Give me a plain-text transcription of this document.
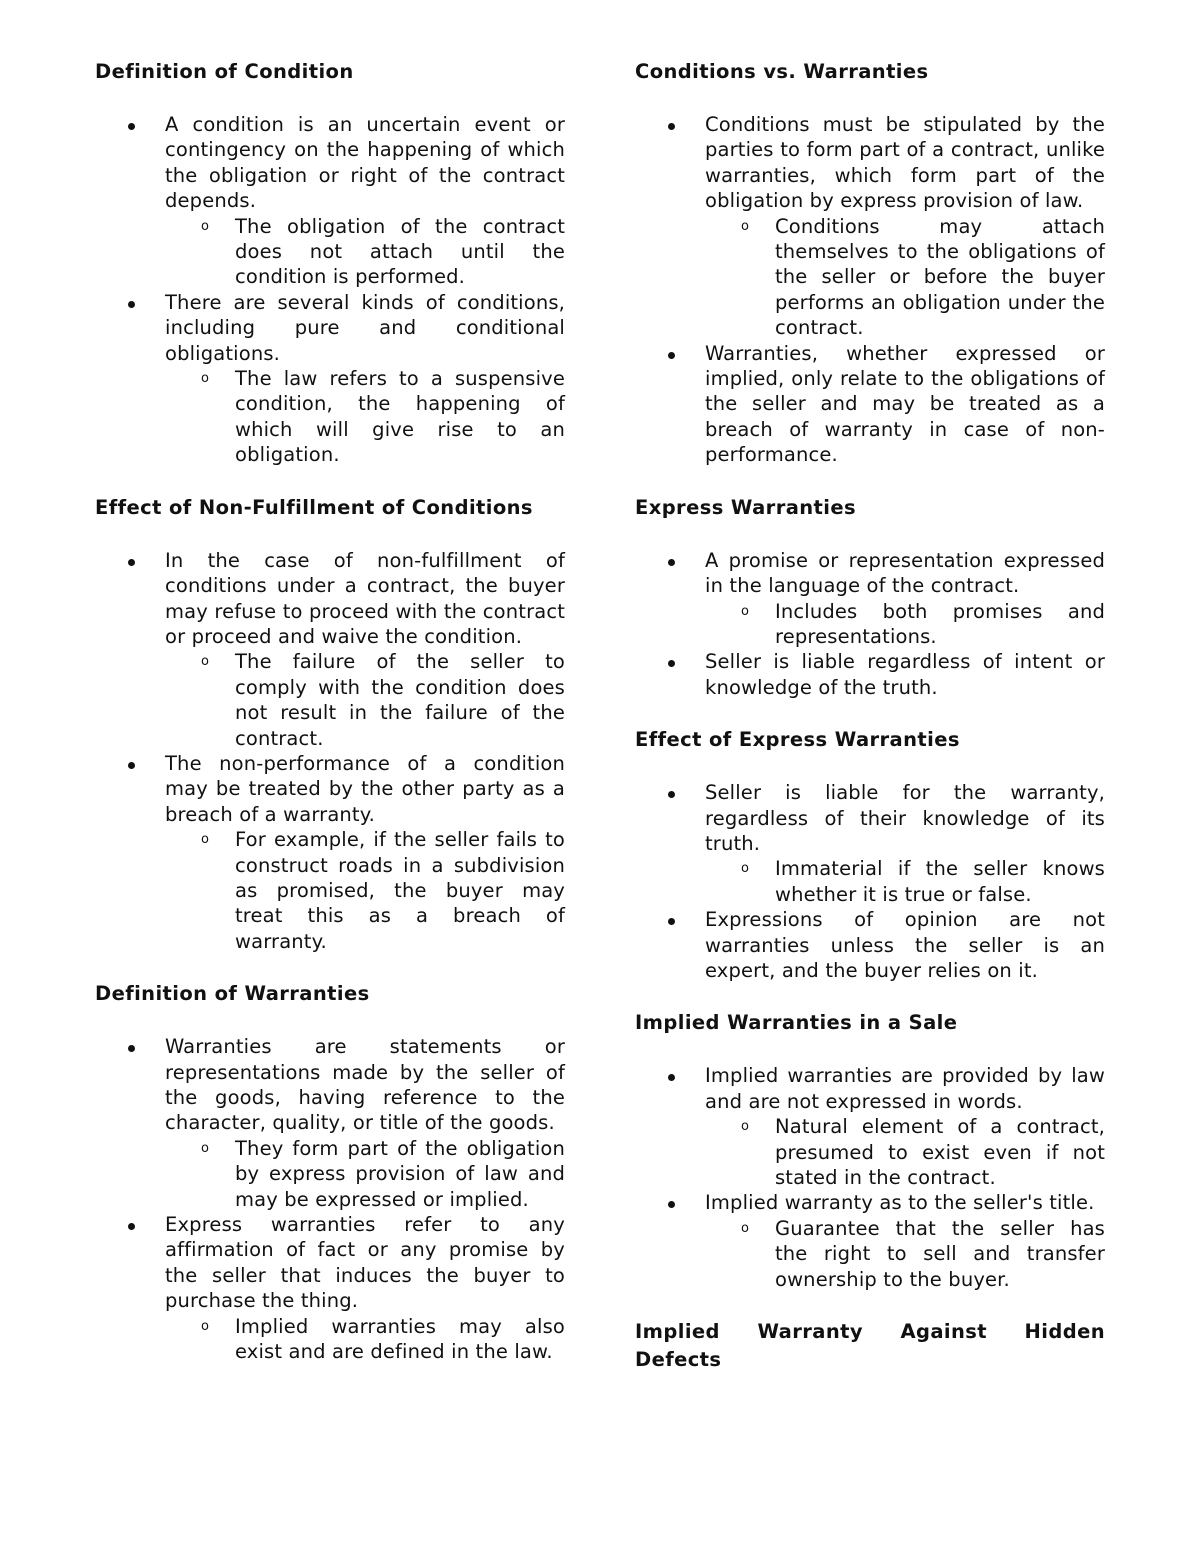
Definition of Condition
A condition is an uncertain event or contingency on the happening of which the obligation or right of the contract depends.
o The obligation of the contract does not attach until the condition is performed.
There are several kinds of conditions, including pure and conditional obligations.
o The law refers to a suspensive condition, the happening of which will give rise to an obligation.
Effect of Non-Fulfillment of Conditions
In the case of non-fulfillment of conditions under a contract, the buyer may refuse to proceed with the contract or proceed and waive the condition.
o The failure of the seller to comply with the condition does not result in the failure of the contract.
The non-performance of a condition may be treated by the other party as a breach of a warranty.
o For example, if the seller fails to construct roads in a subdivision as promised, the buyer may treat this as a breach of warranty.
Definition of Warranties
Warranties are statements or representations made by the seller of the goods, having reference to the character, quality, or title of the goods.
o They form part of the obligation by express provision of law and may be expressed or implied.
Express warranties refer to any affirmation of fact or any promise by the seller that induces the buyer to purchase the thing.
o Implied warranties may also exist and are defined in the law.
Conditions vs. Warranties
Conditions must be stipulated by the parties to form part of a contract, unlike warranties, which form part of the obligation by express provision of law.
o Conditions may attach themselves to the obligations of the seller or before the buyer performs an obligation under the contract.
Warranties, whether expressed or implied, only relate to the obligations of the seller and may be treated as a breach of warranty in case of non-performance.
Express Warranties
A promise or representation expressed in the language of the contract.
o Includes both promises and representations.
Seller is liable regardless of intent or knowledge of the truth.
Effect of Express Warranties
Seller is liable for the warranty, regardless of their knowledge of its truth.
o Immaterial if the seller knows whether it is true or false.
Expressions of opinion are not warranties unless the seller is an expert, and the buyer relies on it.
Implied Warranties in a Sale
Implied warranties are provided by law and are not expressed in words.
o Natural element of a contract, presumed to exist even if not stated in the contract.
Implied warranty as to the seller's title.
o Guarantee that the seller has the right to sell and transfer ownership to the buyer.
Implied Warranty Against Hidden Defects
